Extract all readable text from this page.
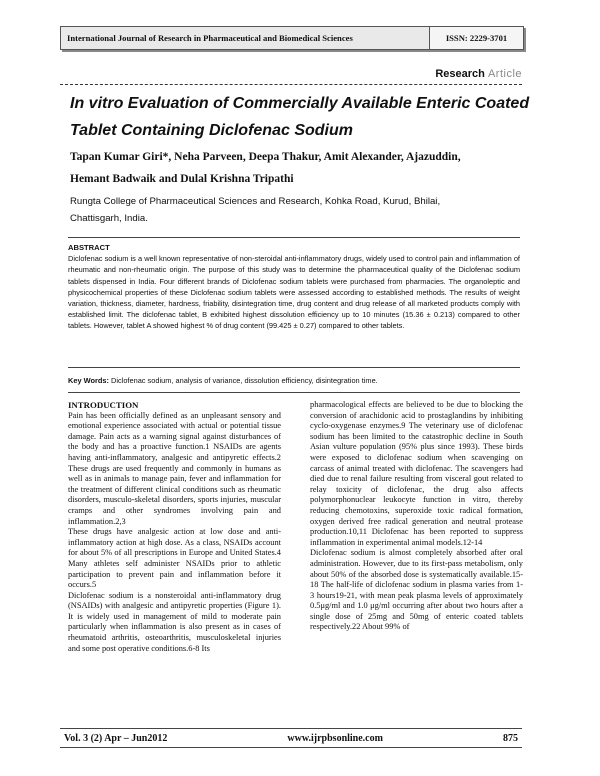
International Journal of Research in Pharmaceutical and Biomedical Sciences	ISSN: 2229-3701
Research Article
In vitro Evaluation of Commercially Available Enteric Coated Tablet Containing Diclofenac Sodium
Tapan Kumar Giri*, Neha Parveen, Deepa Thakur, Amit Alexander, Ajazuddin,
Hemant Badwaik and Dulal Krishna Tripathi
Rungta College of Pharmaceutical Sciences and Research, Kohka Road, Kurud, Bhilai,
Chattisgarh, India.
ABSTRACT

Diclofenac sodium is a well known representative of non-steroidal anti-inflammatory drugs, widely used to control pain and inflammation of rheumatic and non-rheumatic origin. The purpose of this study was to determine the pharmaceutical quality of the Diclofenac sodium tablets dispensed in India. Four different brands of Diclofenac sodium tablets were purchased from pharmacies. The organoleptic and physicochemical properties of these Diclofenac sodium tablets were assessed according to established methods. The results of weight variation, thickness, diameter, hardness, friability, disintegration time, drug content and drug release of all marketed products comply with established limit. The diclofenac tablet, B exhibited highest dissolution efficiency up to 10 minutes (15.36 ± 0.213) compared to other tablets. However, tablet A showed highest % of drug content (99.425 ± 0.27) compared to other tablets.

Key Words: Diclofenac sodium, analysis of variance, dissolution efficiency, disintegration time.
INTRODUCTION

Pain has been officially defined as an unpleasant sensory and emotional experience associated with actual or potential tissue damage. Pain acts as a warning signal against disturbances of the body and has a proactive function.1 NSAIDs are agents having anti-inflammatory, analgesic and antipyretic effects.2 These drugs are used frequently and commonly in humans as well as in animals to manage pain, fever and inflammation for the treatment of different clinical conditions such as rheumatic disorders, musculo-skeletal disorders, sports injuries, muscular cramps and other syndromes involving pain and inflammation.2,3

These drugs have analgesic action at low dose and anti-inflammatory action at high dose. As a class, NSAIDs account for about 5% of all prescriptions in Europe and United States.4 Many athletes self administer NSAIDs prior to athletic participation to prevent pain and inflammation before it occurs.5

Diclofenac sodium is a nonsteroidal anti-inflammatory drug (NSAIDs) with analgesic and antipyretic properties (Figure 1). It is widely used in management of mild to moderate pain particularly when inflammation is also present as in cases of rheumatoid arthritis, osteoarthritis, musculoskeletal injuries and some post operative conditions.6-8 Its

pharmacological effects are believed to be due to blocking the conversion of arachidonic acid to prostaglandins by inhibiting cyclo-oxygenase enzymes.9 The veterinary use of diclofenac sodium has been limited to the catastrophic decline in South Asian vulture population (95% plus since 1993). These birds were exposed to diclofenac sodium when scavenging on carcass of animal treated with diclofenac. The scavengers had died due to renal failure resulting from visceral gout related to relay toxicity of diclofenac, the drug also affects polymorphonuclear leukocyte function in vitro, thereby reducing chemotoxins, superoxide toxic radical formation, oxygen derived free radical generation and neutral protease production.10,11 Diclofenac has been reported to suppress inflammation in experimental animal models.12-14

Diclofenac sodium is almost completely absorbed after oral administration. However, due to its first-pass metabolism, only about 50% of the absorbed dose is systematically available.15-18 The half-life of diclofenac sodium in plasma varies from 1-3 hours19-21, with mean peak plasma levels of approximately 0.5μg/ml and 1.0 μg/ml occurring after about two hours after a single dose of 25mg and 50mg of enteric coated tablets respectively.22 About 99% of

Vol. 3 (2) Apr – Jun2012	www.ijrpbsonline.com	875
